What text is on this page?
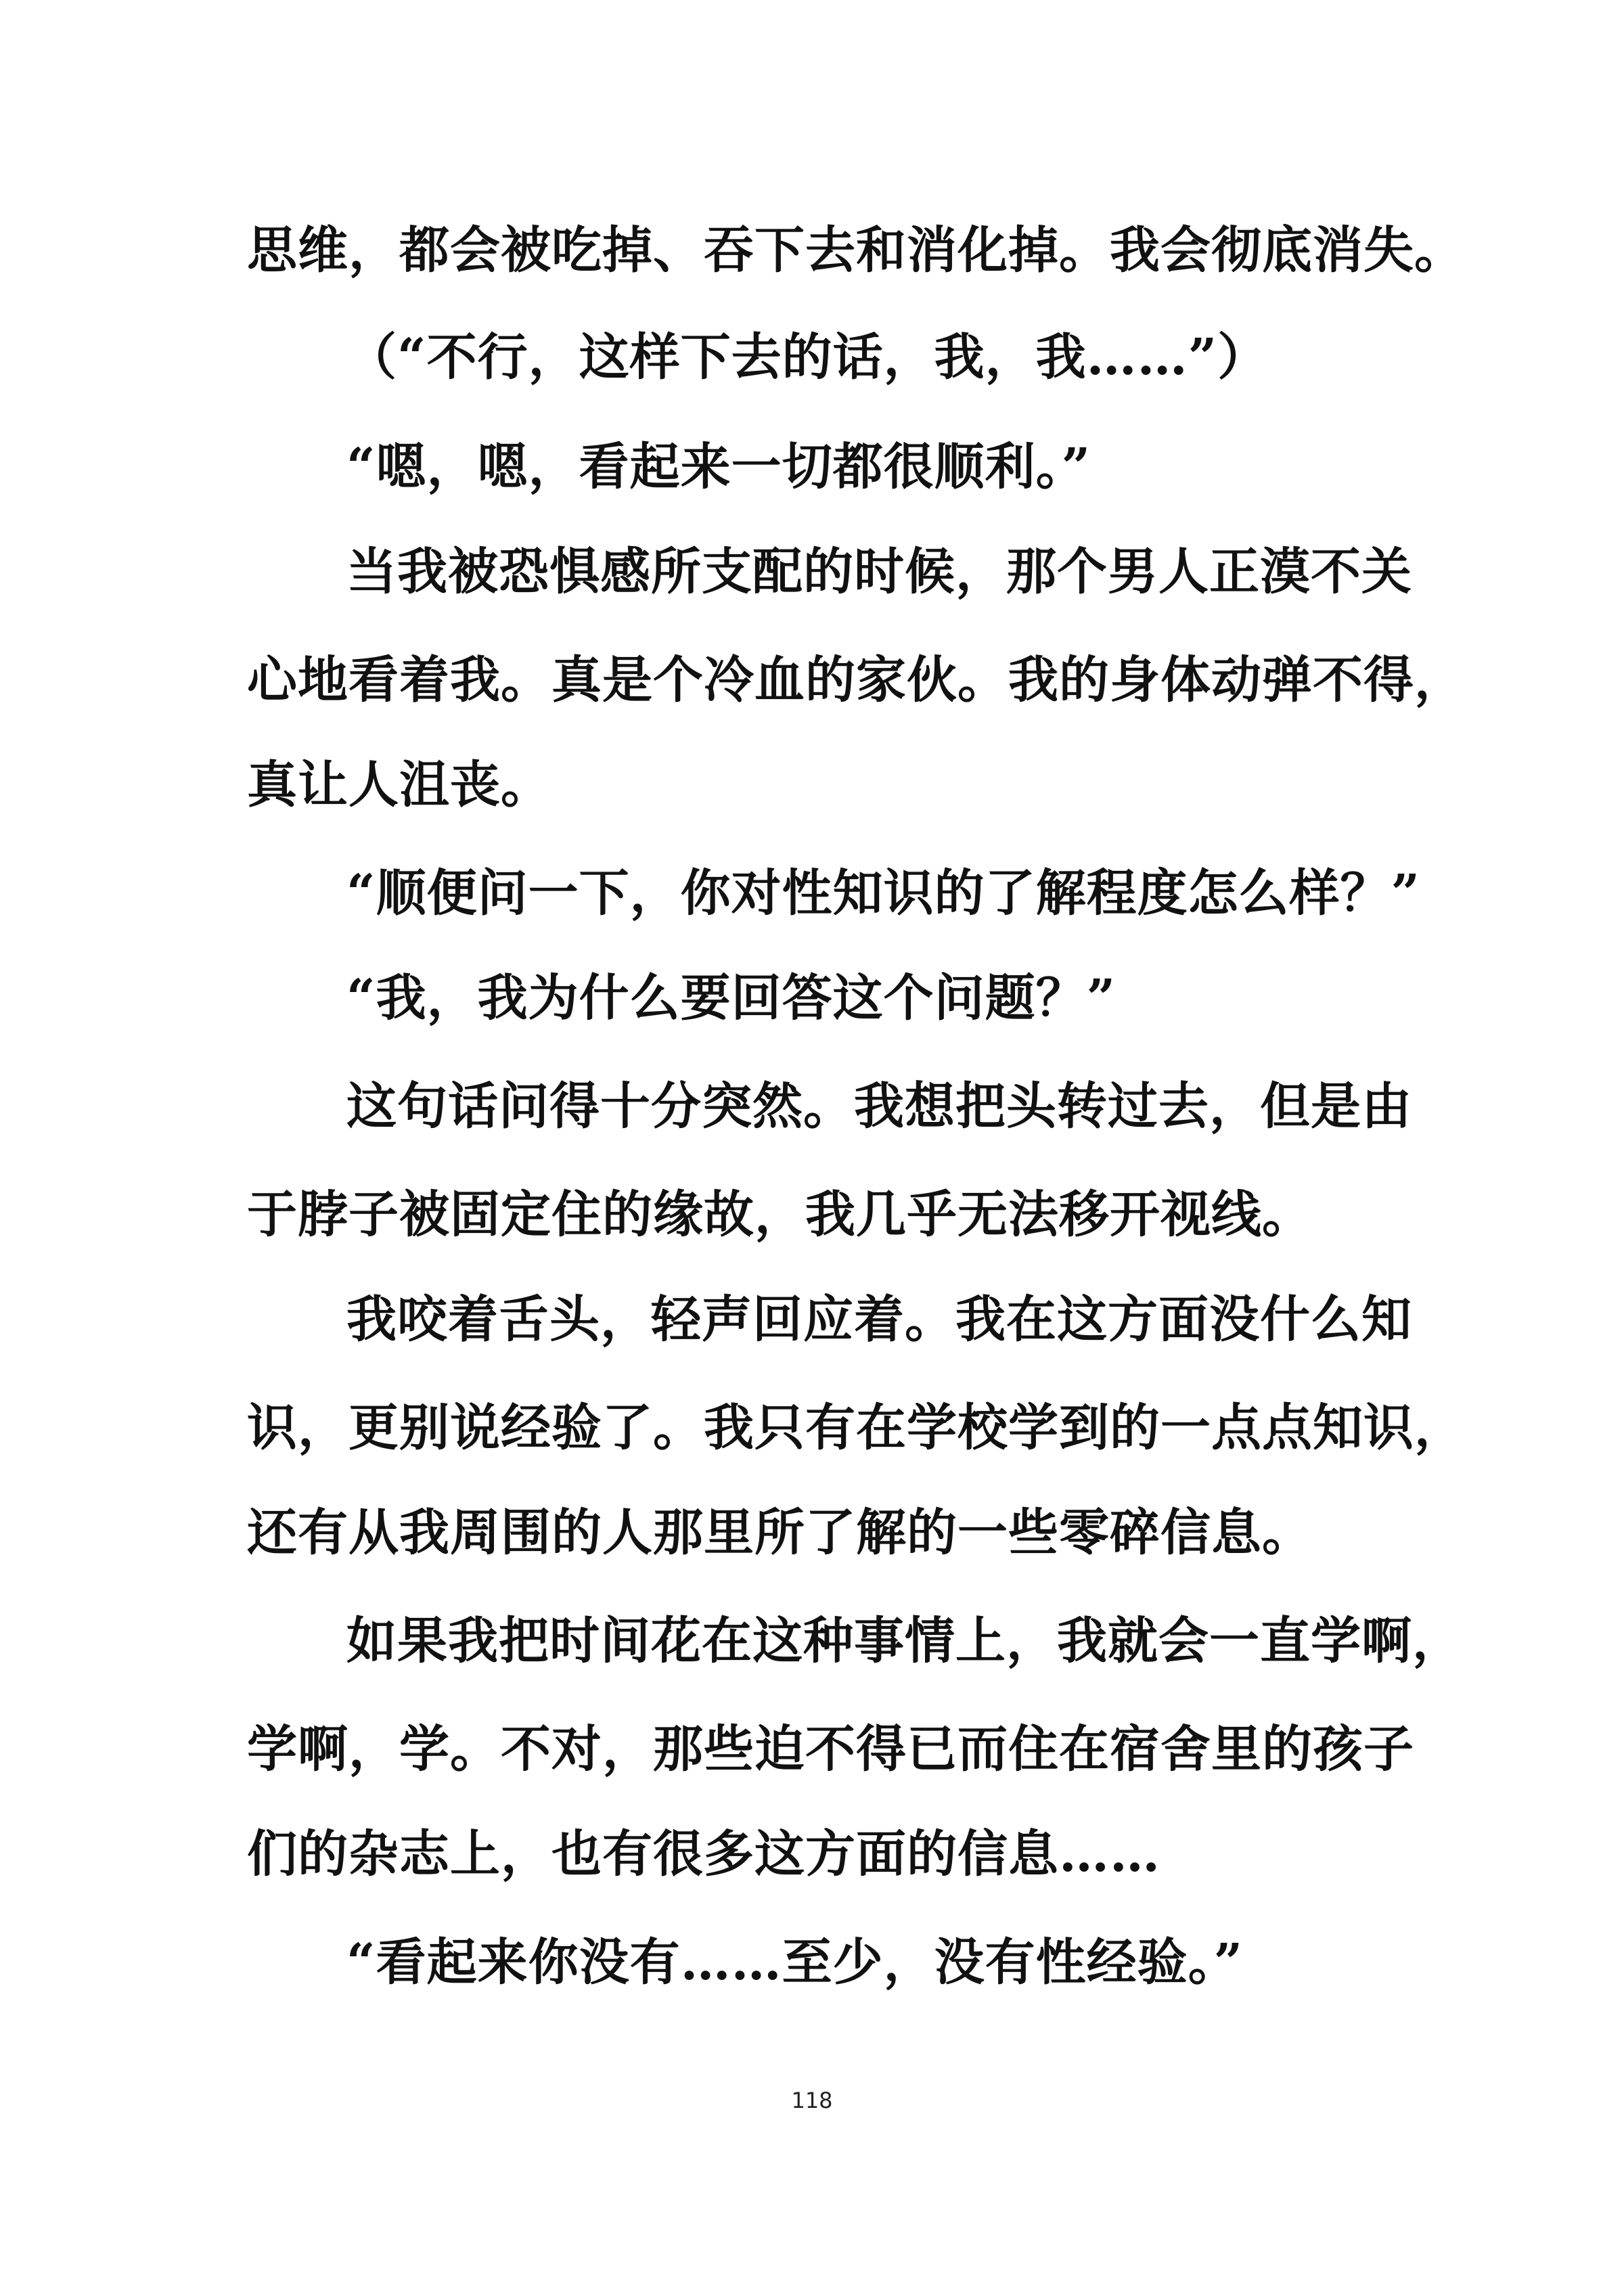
思维，都会被吃掉、吞下去和消化掉。我会彻底消失。
（“不行，这样下去的话，我，我……”）
“嗯，嗯，看起来一切都很顺利。”
当我被恐惧感所支配的时候，那个男人正漠不关
心地看着我。真是个冷血的家伙。我的身体动弹不得，
真让人沮丧。
“顺便问一下，你对性知识的了解程度怎么样？”
“我，我为什么要回答这个问题？”
这句话问得十分突然。我想把头转过去，但是由
于脖子被固定住的缘故，我几乎无法移开视线。
我咬着舌头，轻声回应着。我在这方面没什么知
识，更别说经验了。我只有在学校学到的一点点知识，
还有从我周围的人那里所了解的一些零碎信息。
如果我把时间花在这种事情上，我就会一直学啊，
学啊，学。不对，那些迫不得已而住在宿舍里的孩子
们的杂志上，也有很多这方面的信息……
“看起来你没有……至少，没有性经验。”
118
